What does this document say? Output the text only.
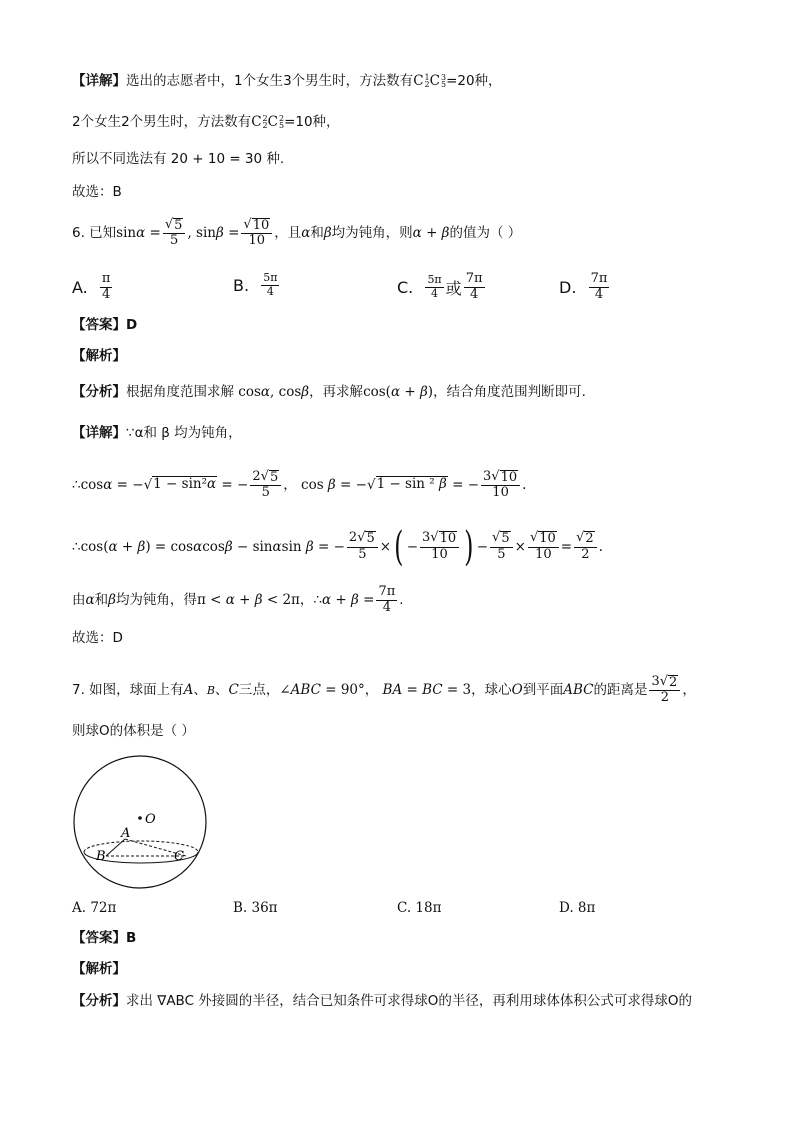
【详解】 选出的志愿者中，1个女生3个男生时，方法数有 C 1
2 C 3
5 =20种，
2个女生2个男生时，方法数有 C 2
2 C 2
5 =10种，
所以不同选法有 20 + 10 = 30 种.
故选：B
6. 已知 $\sin\alpha = \frac{√ 5}{5}$ , $\sin\beta = \frac{√ 10}{10}$ ，且 α 和 β 均为钝角，则 α + β 的值为（ ）
A.
$\frac{\pi}{4}$	B.
$\frac{5\pi}{4}$	C.
$\frac{5\pi}{4}$ 或 $\frac{7\pi}{4}$	D.
$\frac{7\pi}{4}$
【答案】D
【解析】
【分析】 根据角度范围求解 cosα, cosβ ，再求解 cos(α + β) ，结合角度范围判断即可.
【详解】 ∵α和 β 均为钝角，
∴cosα = − √ 1 − sin²α = − $\frac{2 √ 5}{5}$ ， cos β = − √ 1 − sin ² β = − $\frac{3 √ 10}{10}$ .
∴cos(α + β) = cosαcosβ − sinαsin β = − $\frac{2 √ 5}{5}$ × ( − $\frac{3 √ 10}{10}$ ) − $\frac{√ 5}{5} \times \frac{√ 10}{10} = \frac{√ 2}{2}$ .
由 α 和 β 均为钝角，得 π < α + β < 2π ， ∴α + $\beta = \frac{7\pi}{4}$ .
故选：D
7. 如图，球面上有 A 、 B 、 C 三点， ∠ABC = 90°， BA = BC = 3 ，球心 O 到平面 ABC 的距离是 $\frac{3 √ 2}{2}$ ，
则球O的体积是（ ）
O
A
B	C
A. 72π	B. 36π	C. 18π	D. 8π
【答案】B
【解析】
【分析】 求出 ∇ABC 外接圆的半径，结合已知条件可求得球O的半径，再利用球体体积公式可求得球O的
